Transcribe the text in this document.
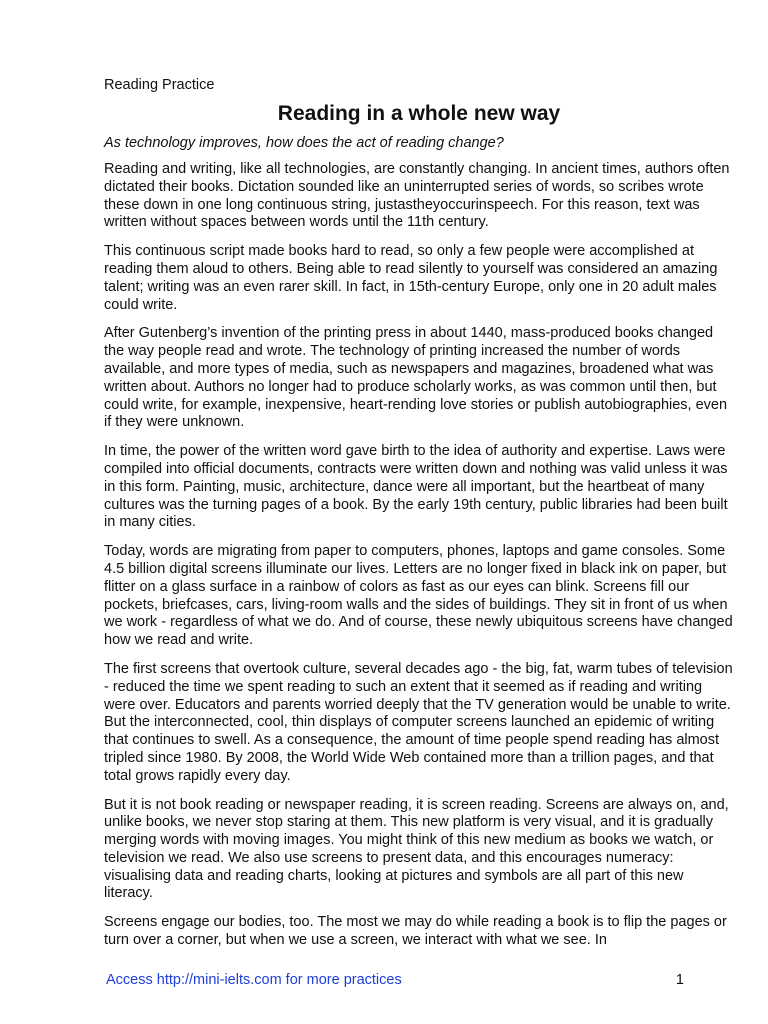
Reading Practice

Reading in a whole new way

As technology improves, how does the act of reading change?

Reading and writing, like all technologies, are constantly changing. In ancient times, authors often dictated their books. Dictation sounded like an uninterrupted series of words, so scribes wrote these down in one long continuous string, justastheyoccurinspeech. For this reason, text was written without spaces between words until the 11th century.

This continuous script made books hard to read, so only a few people were accomplished at reading them aloud to others. Being able to read silently to yourself was considered an amazing talent; writing was an even rarer skill. In fact, in 15th-century Europe, only one in 20 adult males could write.

After Gutenberg’s invention of the printing press in about 1440, mass-produced books changed the way people read and wrote. The technology of printing increased the number of words available, and more types of media, such as newspapers and magazines, broadened what was written about. Authors no longer had to produce scholarly works, as was common until then, but could write, for example, inexpensive, heart-rending love stories or publish autobiographies, even if they were unknown.

In time, the power of the written word gave birth to the idea of authority and expertise. Laws were compiled into official documents, contracts were written down and nothing was valid unless it was in this form. Painting, music, architecture, dance were all important, but the heartbeat of many cultures was the turning pages of a book. By the early 19th century, public libraries had been built in many cities.

Today, words are migrating from paper to computers, phones, laptops and game consoles. Some 4.5 billion digital screens illuminate our lives. Letters are no longer fixed in black ink on paper, but flitter on a glass surface in a rainbow of colors as fast as our eyes can blink. Screens fill our pockets, briefcases, cars, living-room walls and the sides of buildings. They sit in front of us when we work - regardless of what we do. And of course, these newly ubiquitous screens have changed how we read and write.

The first screens that overtook culture, several decades ago - the big, fat, warm tubes of television - reduced the time we spent reading to such an extent that it seemed as if reading and writing were over. Educators and parents worried deeply that the TV generation would be unable to write. But the interconnected, cool, thin displays of computer screens launched an epidemic of writing that continues to swell. As a consequence, the amount of time people spend reading has almost tripled since 1980. By 2008, the World Wide Web contained more than a trillion pages, and that total grows rapidly every day.

But it is not book reading or newspaper reading, it is screen reading. Screens are always on, and, unlike books, we never stop staring at them. This new platform is very visual, and it is gradually merging words with moving images. You might think of this new medium as books we watch, or television we read. We also use screens to present data, and this encourages numeracy: visualising data and reading charts, looking at pictures and symbols are all part of this new literacy.

Screens engage our bodies, too. The most we may do while reading a book is to flip the pages or turn over a corner, but when we use a screen, we interact with what we see. In

Access http://mini-ielts.com for more practices	1
